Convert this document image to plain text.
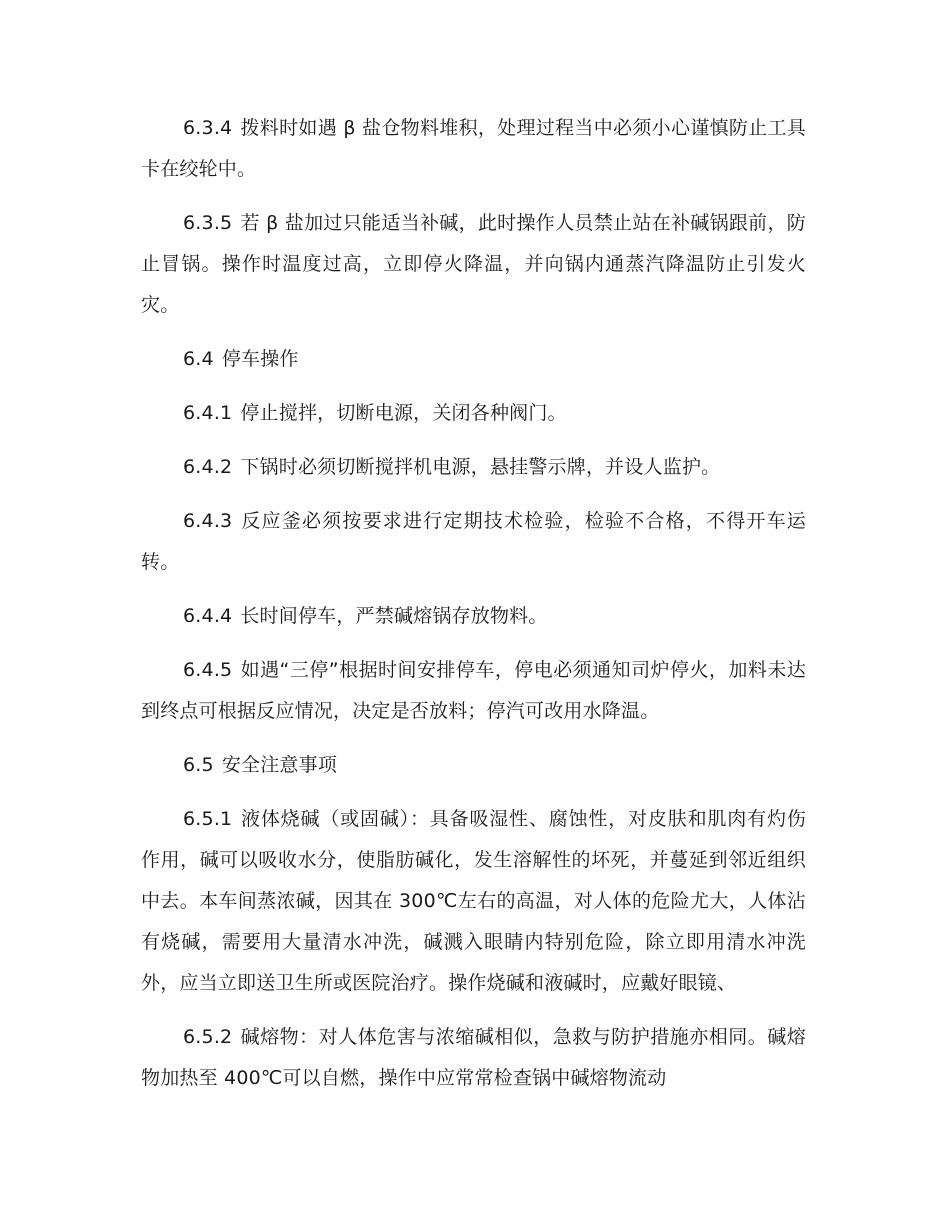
6.3.4 拨料时如遇 β 盐仓物料堆积，处理过程当中必须小心谨慎防止工具卡在绞轮中。

6.3.5 若 β 盐加过只能适当补碱，此时操作人员禁止站在补碱锅跟前，防止冒锅。操作时温度过高，立即停火降温，并向锅内通蒸汽降温防止引发火灾。

6.4 停车操作

6.4.1 停止搅拌，切断电源，关闭各种阀门。

6.4.2 下锅时必须切断搅拌机电源，悬挂警示牌，并设人监护。

6.4.3 反应釜必须按要求进行定期技术检验，检验不合格，不得开车运转。

6.4.4 长时间停车，严禁碱熔锅存放物料。

6.4.5 如遇“三停”根据时间安排停车，停电必须通知司炉停火，加料未达到终点可根据反应情况，决定是否放料；停汽可改用水降温。

6.5 安全注意事项

6.5.1 液体烧碱（或固碱）：具备吸湿性、腐蚀性，对皮肤和肌肉有灼伤作用，碱可以吸收水分，使脂肪碱化，发生溶解性的坏死，并蔓延到邻近组织中去。本车间蒸浓碱，因其在 300℃左右的高温，对人体的危险尤大，人体沾有烧碱，需要用大量清水冲洗，碱溅入眼睛内特别危险，除立即用清水冲洗外，应当立即送卫生所或医院治疗。操作烧碱和液碱时，应戴好眼镜、

6.5.2 碱熔物：对人体危害与浓缩碱相似，急救与防护措施亦相同。碱熔物加热至 400℃可以自燃，操作中应常常检查锅中碱熔物流动
